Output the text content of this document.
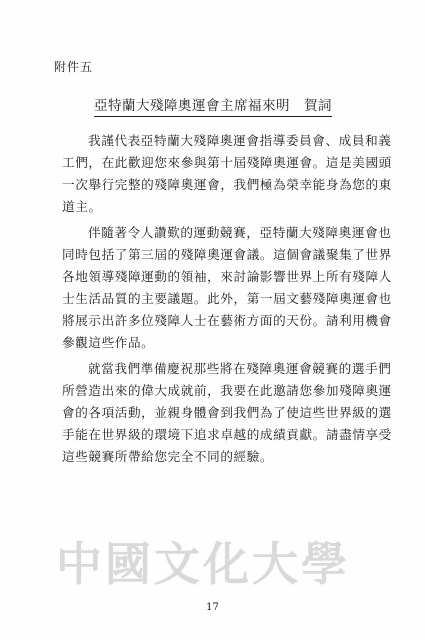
附件五
亞特蘭大殘障奧運會主席福來明　賀詞
我謹代表亞特蘭大殘障奧運會指導委員會、成員和義
工們，在此歡迎您來參與第十屆殘障奧運會。這是美國頭
一次舉行完整的殘障奧運會，我們極為榮幸能身為您的東
道主。
伴隨著令人讚歎的運動競賽，亞特蘭大殘障奧運會也
同時包括了第三屆的殘障奧運會議。這個會議聚集了世界
各地領導殘障運動的領袖，來討論影響世界上所有殘障人
士生活品質的主要議題。此外，第一屆文藝殘障奧運會也
將展示出許多位殘障人士在藝術方面的天份。請利用機會
參觀這些作品。
就當我們準備慶祝那些將在殘障奧運會競賽的選手們
所營造出來的偉大成就前，我要在此邀請您參加殘障奧運
會的各項活動，並親身體會到我們為了使這些世界級的選
手能在世界級的環境下追求卓越的成績貢獻。請盡情享受
這些競賽所帶給您完全不同的經驗。
中國文化大學
17
